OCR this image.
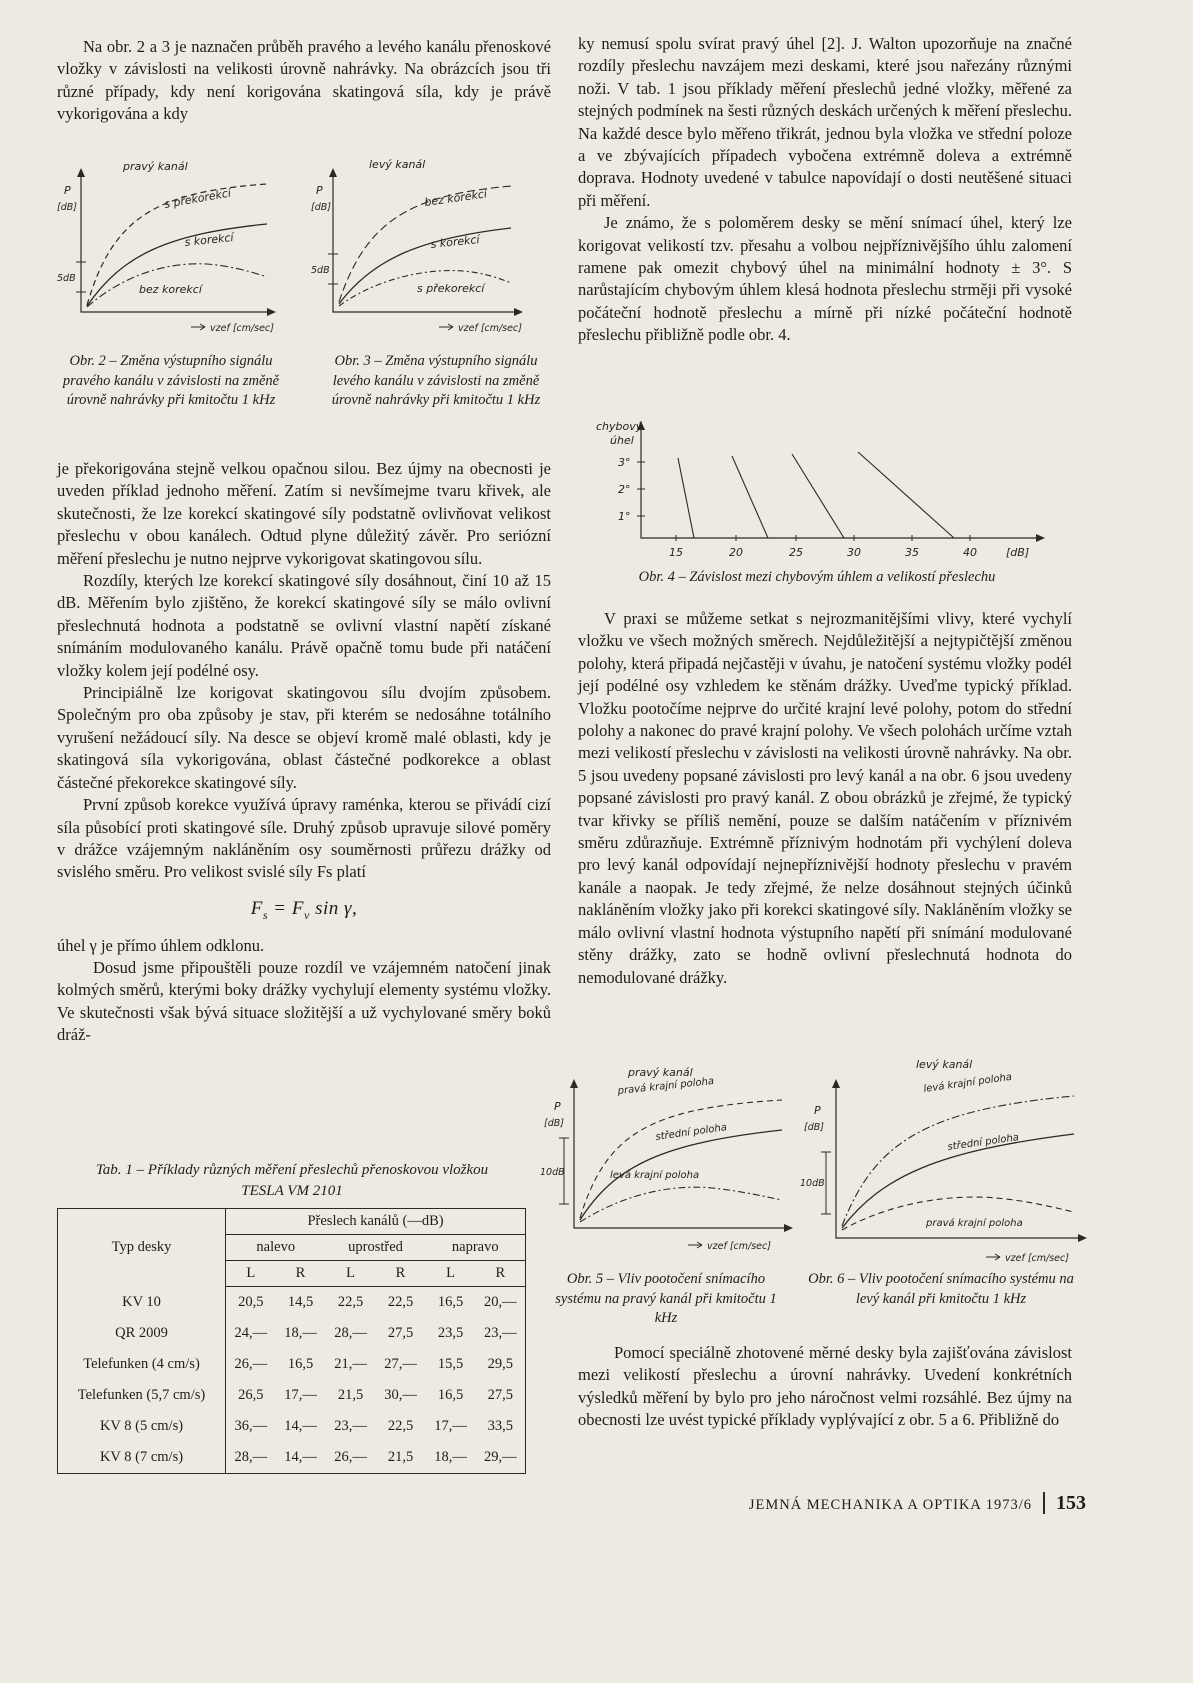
Na obr. 2 a 3 je naznačen průběh pravého a levého kanálu přenoskové vložky v závislosti na velikosti úrovně nahrávky. Na obrázcích jsou tři různé případy, kdy není korigována skatingová síla, kdy je právě vykorigována a kdy

pravý kanál
s překorekcí
s korekcí
bez korekcí
P
[dB]
5dB
vzef [cm/sec]
levý kanál
bez korekcí
s korekcí
s překorekcí
P
[dB]
5dB
vzef [cm/sec]
Obr. 2 – Změna výstupního signálu pravého kanálu v závislosti na změně úrovně nahrávky při kmitočtu 1 kHz
Obr. 3 – Změna výstupního signálu levého kanálu v závislosti na změně úrovně nahrávky při kmitočtu 1 kHz

je překorigována stejně velkou opačnou silou. Bez újmy na obecnosti je uveden příklad jednoho měření. Zatím si nevšímejme tvaru křivek, ale skutečnosti, že lze korekcí skatingové síly podstatně ovlivňovat velikost přeslechu v obou kanálech. Odtud plyne důležitý závěr. Pro seriózní měření přeslechu je nutno nejprve vykorigovat skatingovou sílu.

Rozdíly, kterých lze korekcí skatingové síly dosáhnout, činí 10 až 15 dB. Měřením bylo zjištěno, že korekcí skatingové síly se málo ovlivní přeslechnutá hodnota a podstatně se ovlivní vlastní napětí získané snímáním modulovaného kanálu. Právě opačně tomu bude při natáčení vložky kolem její podélné osy.

Principiálně lze korigovat skatingovou sílu dvojím způsobem. Společným pro oba způsoby je stav, při kterém se nedosáhne totálního vyrušení nežádoucí síly. Na desce se objeví kromě malé oblasti, kdy je skatingová síla vykorigována, oblast částečné podkorekce a oblast částečné překorekce skatingové síly.

První způsob korekce využívá úpravy raménka, kterou se přivádí cizí síla působící proti skatingové síle. Druhý způsob upravuje silové poměry v drážce vzájemným nakláněním osy souměrnosti průřezu drážky od svislého směru. Pro velikost svislé síly Fs platí

$F_s = F_v$ sin γ,

úhel γ je přímo úhlem odklonu.

Dosud jsme připouštěli pouze rozdíl ve vzájemném natočení jinak kolmých směrů, kterými boky drážky vychylují elementy systému vložky. Ve skutečnosti však bývá situace složitější a už vychylované směry boků dráž-

Tab. 1 – Příklady různých měření přeslechů přenoskovou vložkou
TESLA VM 2101
Typ desky	Přeslech kanálů (—dB)					
	nalevo		uprostřed		napravo	
	L	R	L	R	L	R
KV 10	20,5	14,5	22,5	22,5	16,5	20,—
QR 2009	24,—	18,—	28,—	27,5	23,5	23,—
Telefunken (4 cm/s)	26,—	16,5	21,—	27,—	15,5	29,5
Telefunken (5,7 cm/s)	26,5	17,—	21,5	30,—	16,5	27,5
KV 8 (5 cm/s)	36,—	14,—	23,—	22,5	17,—	33,5
KV 8 (7 cm/s)	28,—	14,—	26,—	21,5	18,—	29,—

ky nemusí spolu svírat pravý úhel [2]. J. Walton upozorňuje na značné rozdíly přeslechu navzájem mezi deskami, které jsou nařezány různými noži. V tab. 1 jsou příklady měření přeslechů jedné vložky, měřené za stejných podmínek na šesti různých deskách určených k měření přeslechu. Na každé desce bylo měřeno třikrát, jednou byla vložka ve střední poloze a ve zbývajících případech vybočena extrémně doleva a extrémně doprava. Hodnoty uvedené v tabulce napovídají o dosti neutěšené situaci při měření.

Je známo, že s poloměrem desky se mění snímací úhel, který lze korigovat velikostí tzv. přesahu a volbou nejpříznivějšího úhlu zalomení ramene pak omezit chybový úhel na minimální hodnoty ± 3°. S narůstajícím chybovým úhlem klesá hodnota přeslechu strměji při vysoké počáteční hodnotě přeslechu a mírně při nízké počáteční hodnotě přeslechu přibližně podle obr. 4.

chybový
úhel
3°
2°
1°
15	20	25	30	35	40	[dB]
Obr. 4 – Závislost mezi chybovým úhlem a velikostí přeslechu

V praxi se můžeme setkat s nejrozmanitějšími vlivy, které vychylí vložku ve všech možných směrech. Nejdůležitější a nejtypičtější změnou polohy, která připadá nejčastěji v úvahu, je natočení systému vložky podél její podélné osy vzhledem ke stěnám drážky. Uveďme typický příklad. Vložku pootočíme nejprve do určité krajní levé polohy, potom do střední polohy a nakonec do pravé krajní polohy. Ve všech polohách určíme vztah mezi velikostí přeslechu v závislosti na velikosti úrovně nahrávky. Na obr. 5 jsou uvedeny popsané závislosti pro levý kanál a na obr. 6 jsou uvedeny popsané závislosti pro pravý kanál. Z obou obrázků je zřejmé, že typický tvar křivky se příliš nemění, pouze se dalším natáčením v příznivém směru zdůrazňuje. Extrémně příznivým hodnotám při vychýlení doleva pro levý kanál odpovídají nejnepříznivější hodnoty přeslechu v pravém kanále a naopak. Je tedy zřejmé, že nelze dosáhnout stejných účinků nakláněním vložky jako při korekci skatingové síly. Nakláněním vložky se málo ovlivní vlastní hodnota výstupního napětí při snímání modulované stěny drážky, zato se hodně ovlivní přeslechnutá hodnota do nemodulované drážky.

pravý kanál
pravá krajní poloha
střední poloha
levá krajní poloha
P
[dB]
10dB
vzef [cm/sec]
levý kanál
levá krajní poloha
střední poloha
pravá krajní poloha
P
[dB]
10dB
vzef [cm/sec]
Obr. 5 – Vliv pootočení snímacího systému na pravý kanál při kmitočtu 1 kHz
Obr. 6 – Vliv pootočení snímacího systému na levý kanál při kmitočtu 1 kHz

Pomocí speciálně zhotovené měrné desky byla zajišťována závislost mezi velikostí přeslechu a úrovní nahrávky. Uvedení konkrétních výsledků měření by bylo pro jeho náročnost velmi rozsáhlé. Bez újmy na obecnosti lze uvést typické příklady vyplývající z obr. 5 a 6. Přibližně do

JEMNÁ MECHANIKA A OPTIKA 1973/6 153
